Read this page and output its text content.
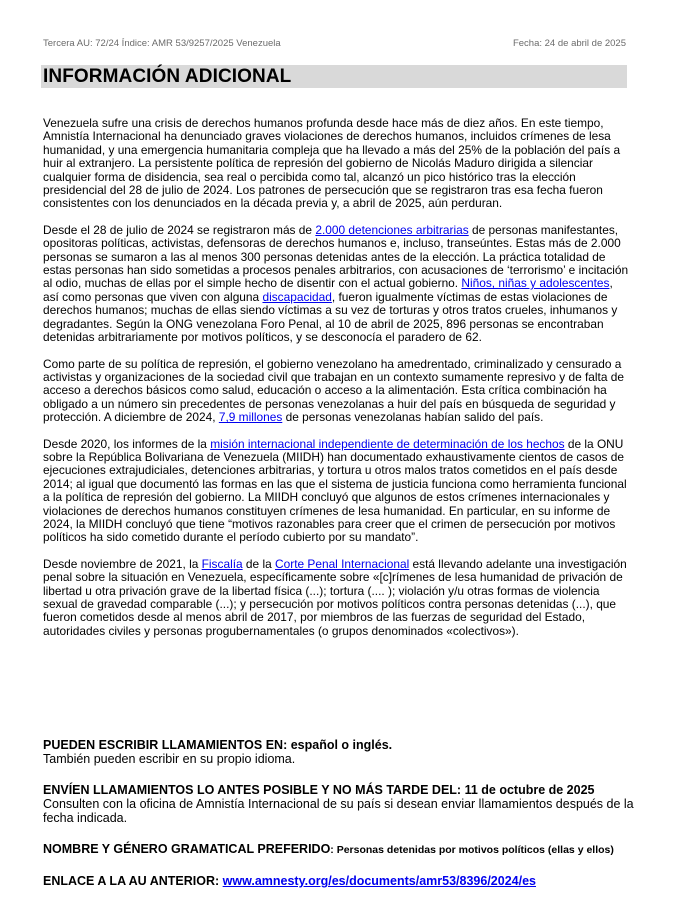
Tercera AU: 72/24 Índice: AMR 53/9257/2025 Venezuela	Fecha: 24 de abril de 2025
INFORMACIÓN ADICIONAL

Venezuela sufre una crisis de derechos humanos profunda desde hace más de diez años. En este tiempo, Amnistía Internacional ha denunciado graves violaciones de derechos humanos, incluidos crímenes de lesa humanidad, y una emergencia humanitaria compleja que ha llevado a más del 25% de la población del país a huir al extranjero. La persistente política de represión del gobierno de Nicolás Maduro dirigida a silenciar cualquier forma de disidencia, sea real o percibida como tal, alcanzó un pico histórico tras la elección presidencial del 28 de julio de 2024. Los patrones de persecución que se registraron tras esa fecha fueron consistentes con los denunciados en la década previa y, a abril de 2025, aún perduran.

Desde el 28 de julio de 2024 se registraron más de 2.000 detenciones arbitrarias de personas manifestantes, opositoras políticas, activistas, defensoras de derechos humanos e, incluso, transeúntes. Estas más de 2.000 personas se sumaron a las al menos 300 personas detenidas antes de la elección. La práctica totalidad de estas personas han sido sometidas a procesos penales arbitrarios, con acusaciones de ‘terrorismo’ e incitación al odio, muchas de ellas por el simple hecho de disentir con el actual gobierno. Niños, niñas y adolescentes, así como personas que viven con alguna discapacidad, fueron igualmente víctimas de estas violaciones de derechos humanos; muchas de ellas siendo víctimas a su vez de torturas y otros tratos crueles, inhumanos y degradantes. Según la ONG venezolana Foro Penal, al 10 de abril de 2025, 896 personas se encontraban detenidas arbitrariamente por motivos políticos, y se desconocía el paradero de 62.

Como parte de su política de represión, el gobierno venezolano ha amedrentado, criminalizado y censurado a activistas y organizaciones de la sociedad civil que trabajan en un contexto sumamente represivo y de falta de acceso a derechos básicos como salud, educación o acceso a la alimentación. Esta crítica combinación ha obligado a un número sin precedentes de personas venezolanas a huir del país en búsqueda de seguridad y protección. A diciembre de 2024, 7,9 millones de personas venezolanas habían salido del país.

Desde 2020, los informes de la misión internacional independiente de determinación de los hechos de la ONU sobre la República Bolivariana de Venezuela (MIIDH) han documentado exhaustivamente cientos de casos de ejecuciones extrajudiciales, detenciones arbitrarias, y tortura u otros malos tratos cometidos en el país desde 2014; al igual que documentó las formas en las que el sistema de justicia funciona como herramienta funcional a la política de represión del gobierno. La MIIDH concluyó que algunos de estos crímenes internacionales y violaciones de derechos humanos constituyen crímenes de lesa humanidad. En particular, en su informe de 2024, la MIIDH concluyó que tiene “motivos razonables para creer que el crimen de persecución por motivos políticos ha sido cometido durante el período cubierto por su mandato”.

Desde noviembre de 2021, la Fiscalía de la Corte Penal Internacional está llevando adelante una investigación penal sobre la situación en Venezuela, específicamente sobre «[c]rímenes de lesa humanidad de privación de libertad u otra privación grave de la libertad física (...); tortura (.... ); violación y/u otras formas de violencia sexual de gravedad comparable (...); y persecución por motivos políticos contra personas detenidas (...), que fueron cometidos desde al menos abril de 2017, por miembros de las fuerzas de seguridad del Estado, autoridades civiles y personas progubernamentales (o grupos denominados «colectivos»).

PUEDEN ESCRIBIR LLAMAMIENTOS EN: español o inglés.
También pueden escribir en su propio idioma.

ENVÍEN LLAMAMIENTOS LO ANTES POSIBLE Y NO MÁS TARDE DEL: 11 de octubre de 2025
Consulten con la oficina de Amnistía Internacional de su país si desean enviar llamamientos después de la fecha indicada.

NOMBRE Y GÉNERO GRAMATICAL PREFERIDO: Personas detenidas por motivos políticos (ellas y ellos)

ENLACE A LA AU ANTERIOR: www.amnesty.org/es/documents/amr53/8396/2024/es
